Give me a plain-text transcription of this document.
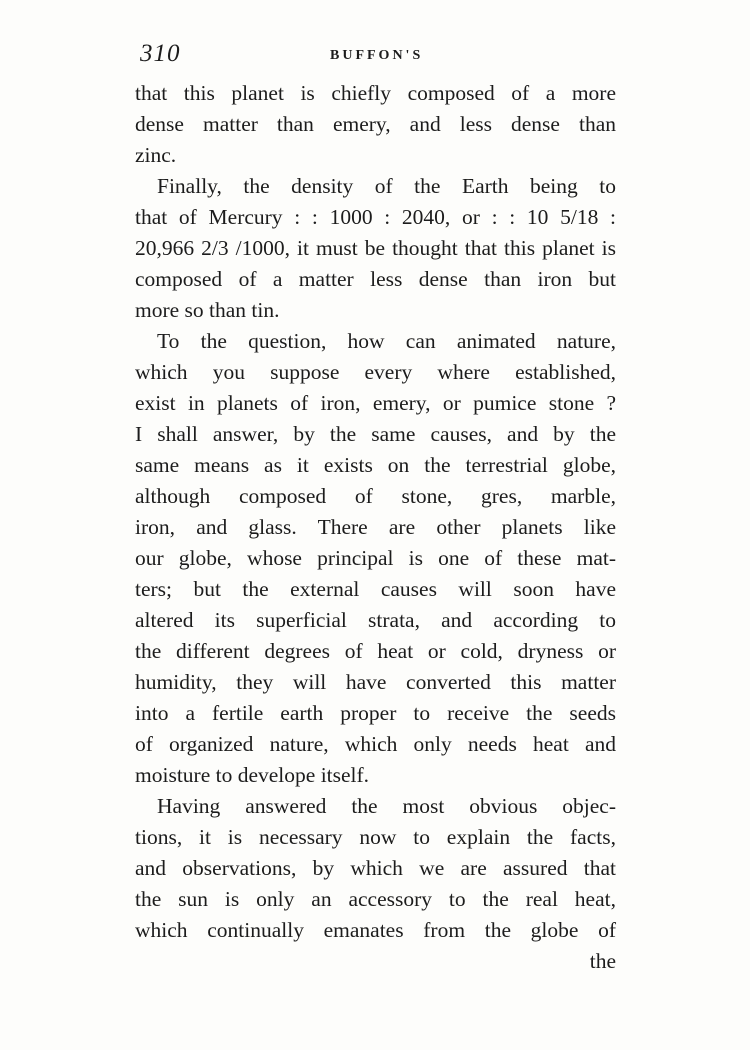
310	BUFFON'S
that this planet is chiefly composed of a more
dense matter than emery, and less dense than
zinc.
Finally, the density of the Earth being to
that of Mercury : : 1000 : 2040, or : : 10 5/18 :
20,966 2/3 /1000, it must be thought that this planet is
composed of a matter less dense than iron but
more so than tin.
To the question, how can animated nature,
which you suppose every where established,
exist in planets of iron, emery, or pumice stone ?
I shall answer, by the same causes, and by the
same means as it exists on the terrestrial globe,
although composed of stone, gres, marble,
iron, and glass. There are other planets like
our globe, whose principal is one of these mat-
ters; but the external causes will soon have
altered its superficial strata, and according to
the different degrees of heat or cold, dryness or
humidity, they will have converted this matter
into a fertile earth proper to receive the seeds
of organized nature, which only needs heat and
moisture to develope itself.
Having answered the most obvious objec-
tions, it is necessary now to explain the facts,
and observations, by which we are assured that
the sun is only an accessory to the real heat,
which continually emanates from the globe of
the
